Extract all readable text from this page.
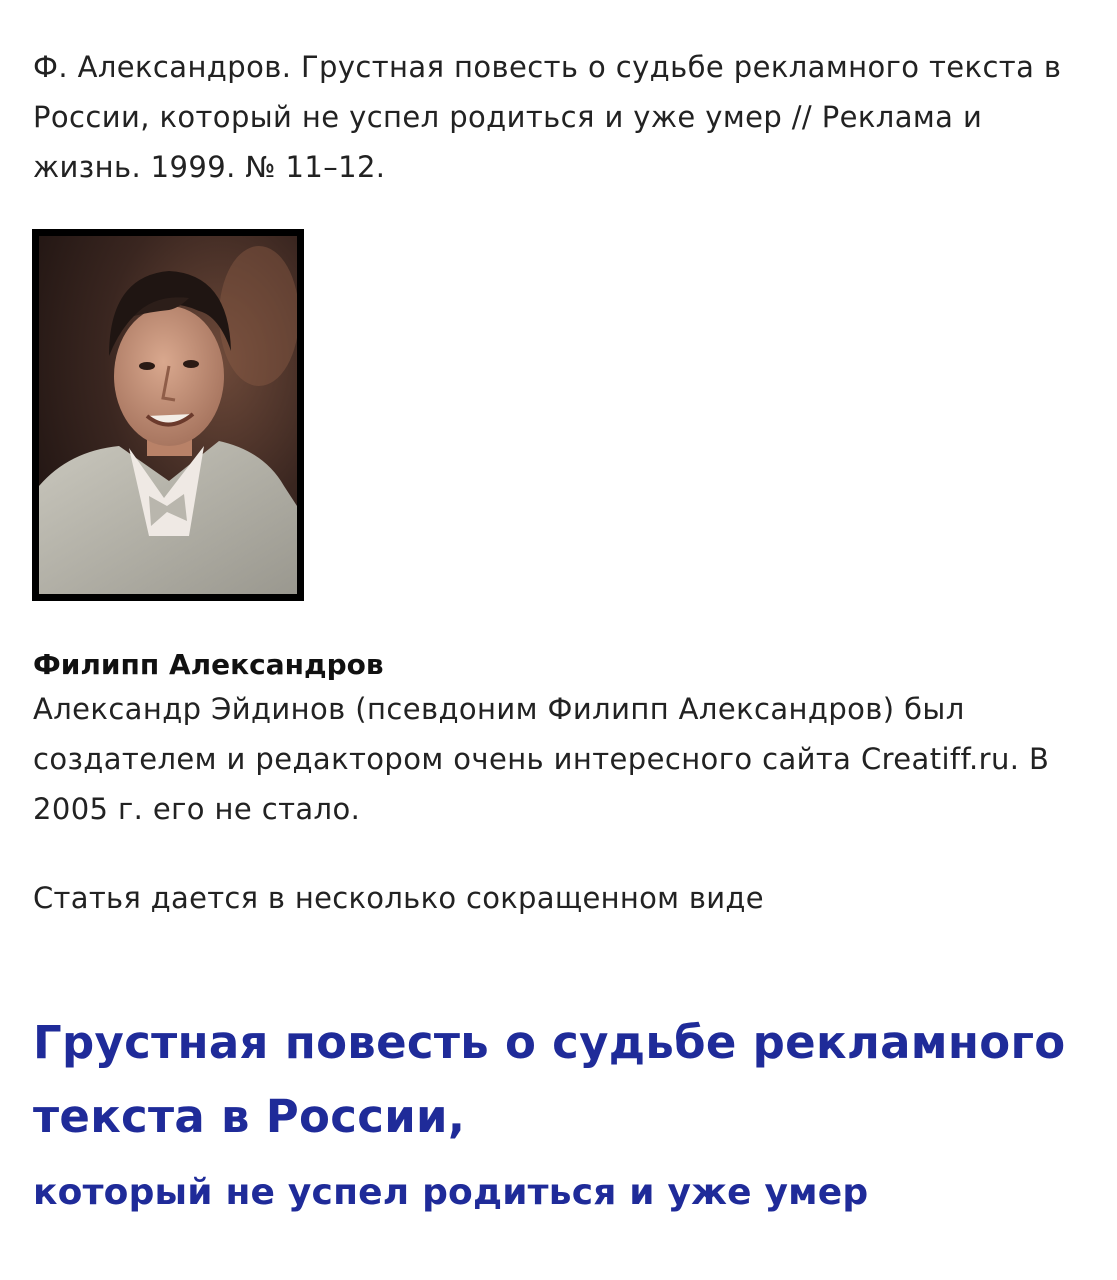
Ф. Александров. Грустная повесть о судьбе рекламного текста в России, который не успел родиться и уже умер // Реклама и жизнь. 1999. № 11–12.

Филипп Александров

Александр Эйдинов (псевдоним Филипп Александров) был создателем и редактором очень интересного сайта Creatiff.ru. В 2005 г. его не стало.

Статья дается в несколько сокращенном виде

Грустная повесть о судьбе рекламного текста в России,
который не успел родиться и уже умер
